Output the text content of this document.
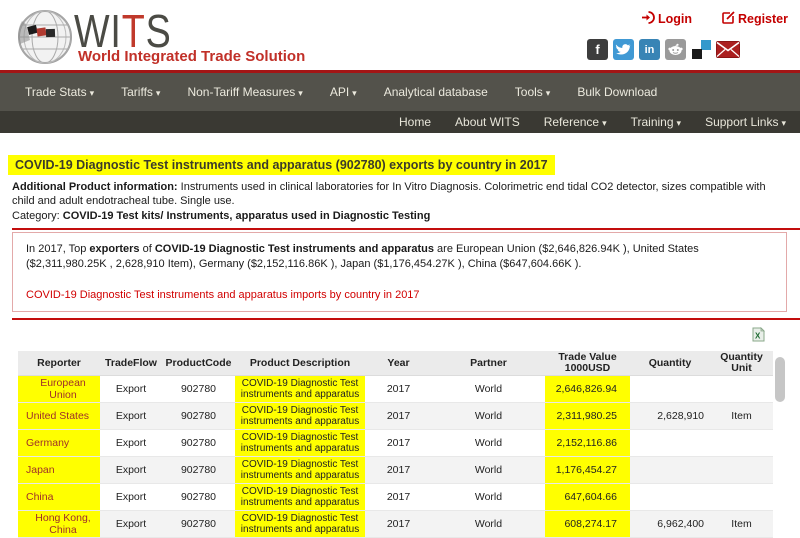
WITS
World Integrated Trade Solution
Login	Register
f	in
Trade Stats ▾ Tariffs ▾ Non-Tariff Measures ▾ API ▾ Analytical database Tools ▾ Bulk Download
Home About WITS Reference ▾ Training ▾ Support Links ▾
COVID-19 Diagnostic Test instruments and apparatus (902780) exports by country in 2017
Additional Product information: Instruments used in clinical laboratories for In Vitro Diagnosis. Colorimetric end tidal CO2 detector, sizes compatible with child and adult endotracheal tube. Single use.
Category: COVID-19 Test kits/ Instruments, apparatus used in Diagnostic Testing

In 2017, Top exporters of COVID-19 Diagnostic Test instruments and apparatus are European Union ($2,646,826.94K ), United States ($2,311,980.25K , 2,628,910 Item), Germany ($2,152,116.86K ), Japan ($1,176,454.27K ), China ($647,604.66K ).

COVID-19 Diagnostic Test instruments and apparatus imports by country in 2017
X
Reporter	TradeFlow ProductCode	Product Description	Year	Partner	Trade Value
1000USD	Quantity	Quantity Unit
European Union	Export	902780	COVID-19 Diagnostic Test
instruments and apparatus	2017	World	2,646,826.94
United States	Export	902780	COVID-19 Diagnostic Test
instruments and apparatus	2017	World	2,311,980.25	2,628,910	Item
Germany	Export	902780	COVID-19 Diagnostic Test
instruments and apparatus	2017	World	2,152,116.86
Japan	Export	902780	COVID-19 Diagnostic Test
instruments and apparatus	2017	World	1,176,454.27
China	Export	902780	COVID-19 Diagnostic Test
instruments and apparatus	2017	World	647,604.66
Hong Kong, China	Export	902780	COVID-19 Diagnostic Test
instruments and apparatus	2017	World	608,274.17	6,962,400	Item
